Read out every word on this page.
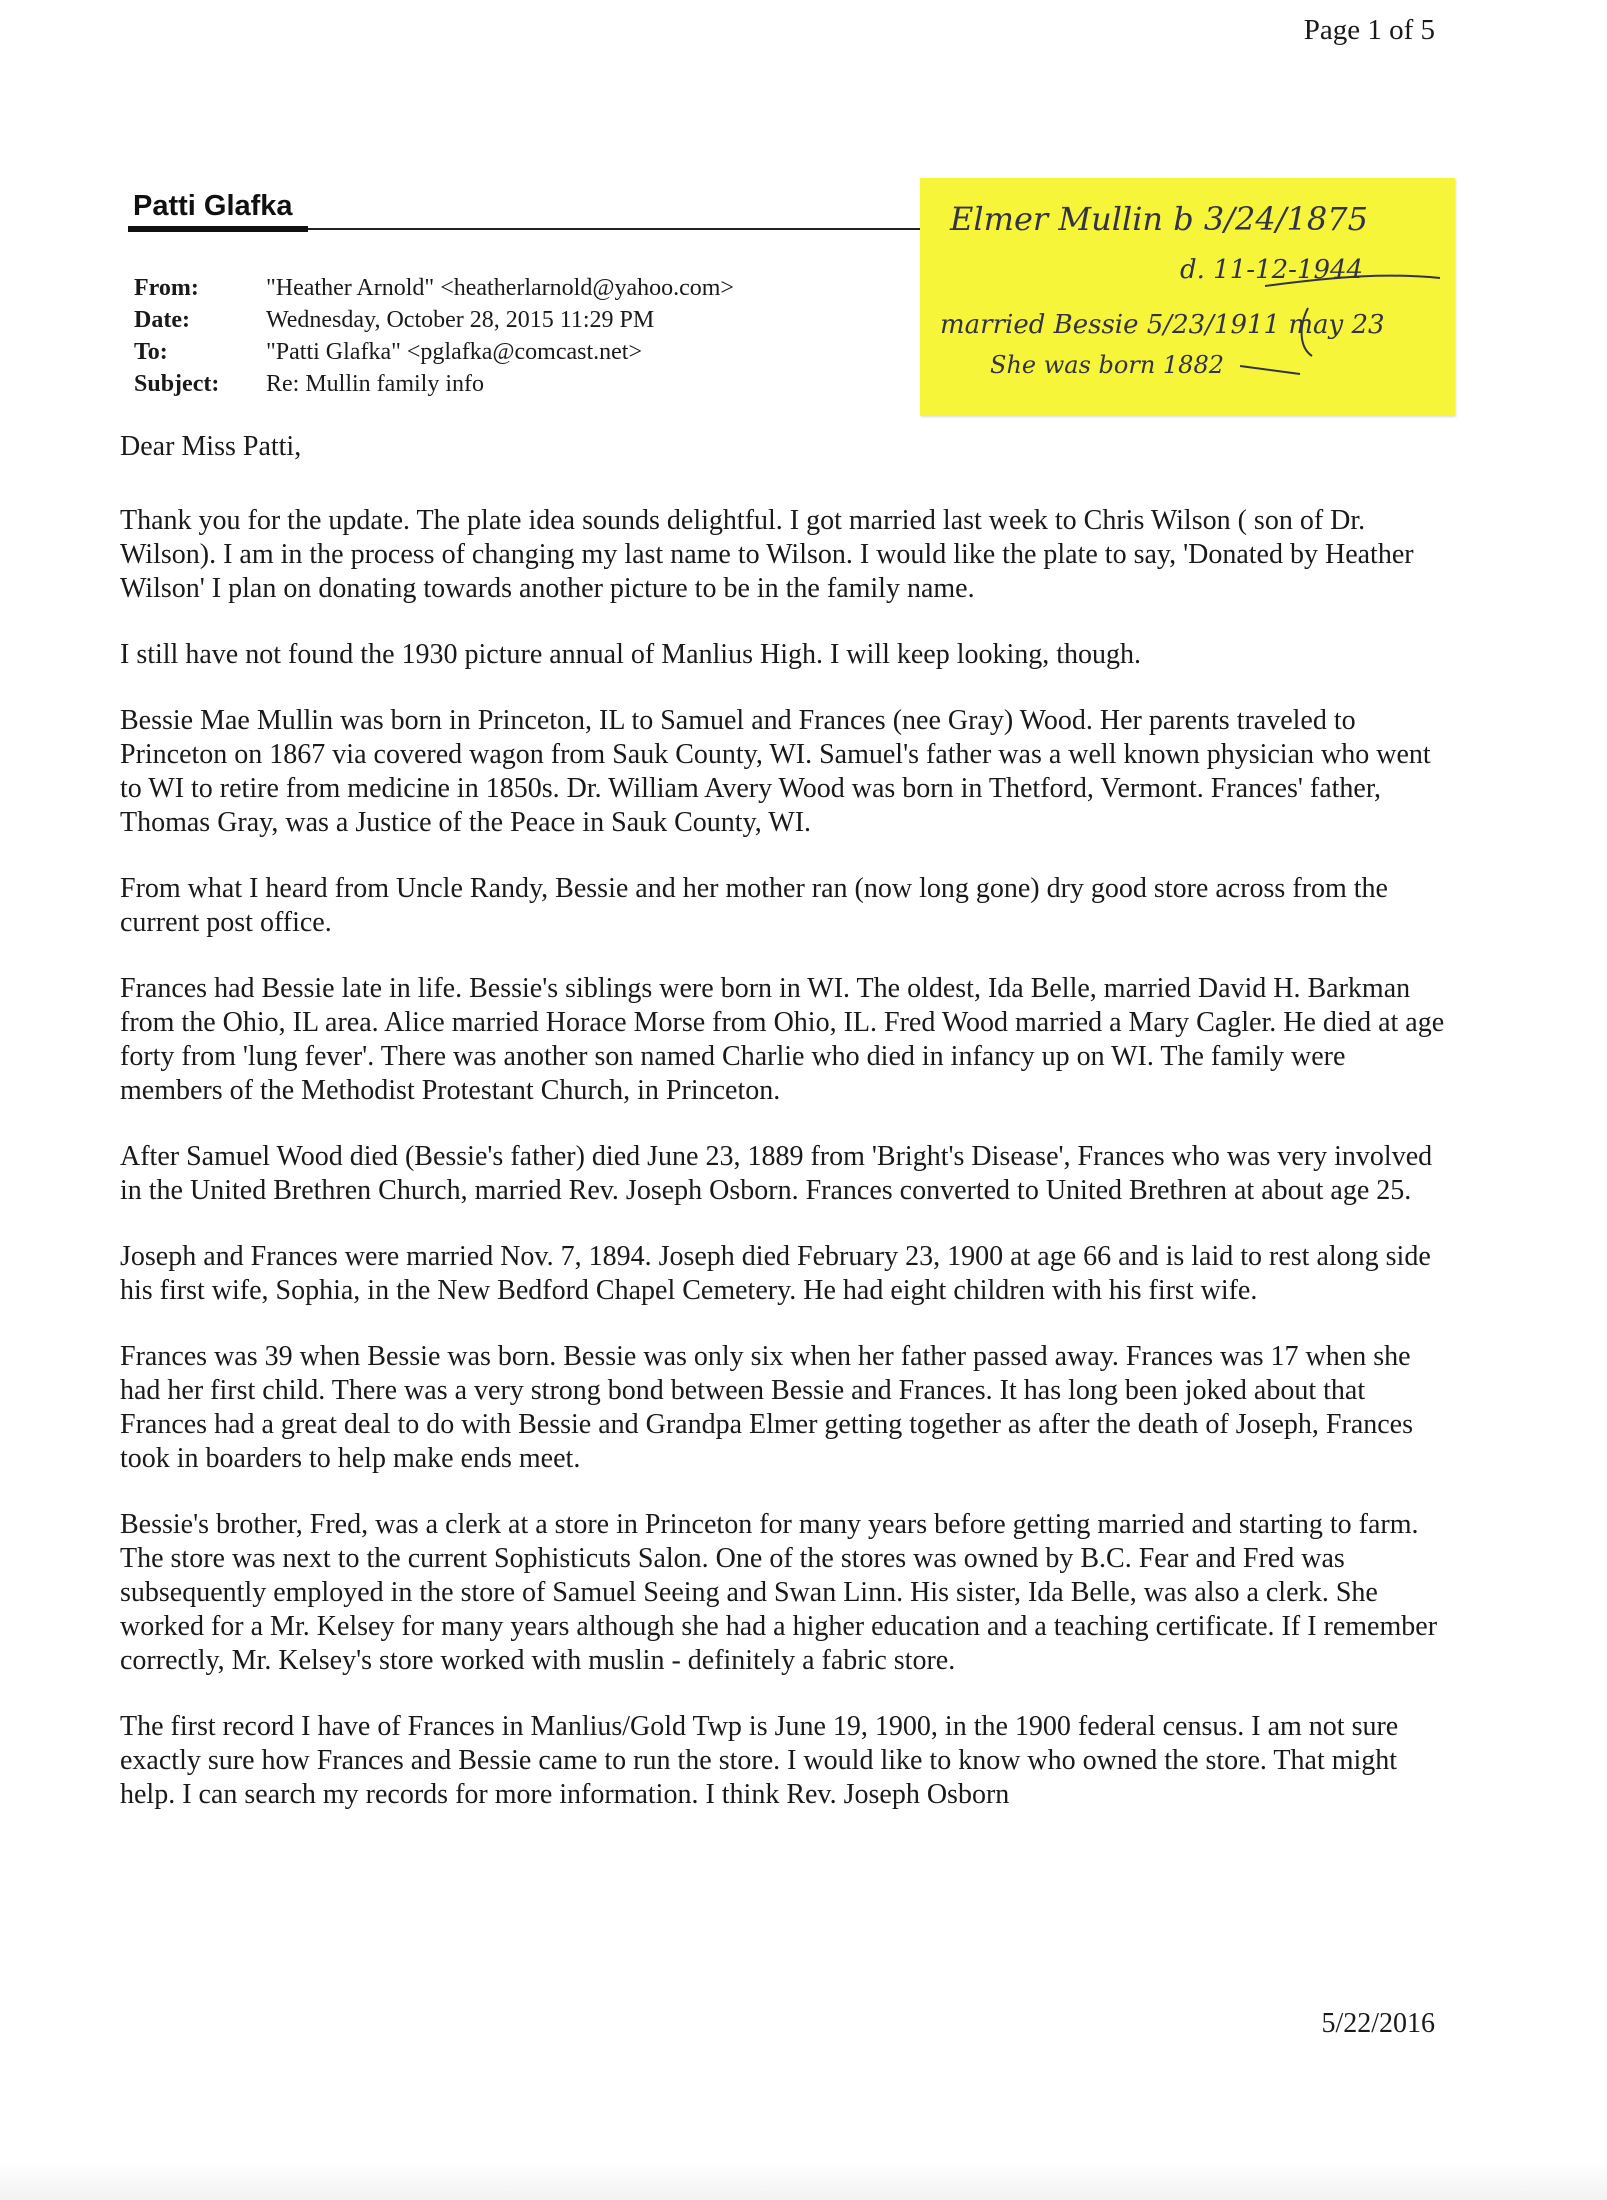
Page 1 of 5
Patti Glafka
From:	"Heather Arnold" <heatherlarnold@yahoo.com>
Date:	Wednesday, October 28, 2015 11:29 PM
To:	"Patti Glafka" <pglafka@comcast.net>
Subject:	Re: Mullin family info
Elmer Mullin b 3/24/1875
d. 11-12-1944
married Bessie 5/23/1911 may 23
She was born 1882

Dear Miss Patti,

Thank you for the update. The plate idea sounds delightful. I got married last week to Chris Wilson ( son of Dr. Wilson). I am in the process of changing my last name to Wilson. I would like the plate to say, 'Donated by Heather Wilson' I plan on donating towards another picture to be in the family name.

I still have not found the 1930 picture annual of Manlius High. I will keep looking, though.

Bessie Mae Mullin was born in Princeton, IL to Samuel and Frances (nee Gray) Wood. Her parents traveled to Princeton on 1867 via covered wagon from Sauk County, WI. Samuel's father was a well known physician who went to WI to retire from medicine in 1850s. Dr. William Avery Wood was born in Thetford, Vermont. Frances' father, Thomas Gray, was a Justice of the Peace in Sauk County, WI.

From what I heard from Uncle Randy, Bessie and her mother ran (now long gone) dry good store across from the current post office.

Frances had Bessie late in life. Bessie's siblings were born in WI. The oldest, Ida Belle, married David H. Barkman from the Ohio, IL area. Alice married Horace Morse from Ohio, IL. Fred Wood married a Mary Cagler. He died at age forty from 'lung fever'. There was another son named Charlie who died in infancy up on WI. The family were members of the Methodist Protestant Church, in Princeton.

After Samuel Wood died (Bessie's father) died June 23, 1889 from 'Bright's Disease', Frances who was very involved in the United Brethren Church, married Rev. Joseph Osborn. Frances converted to United Brethren at about age 25.

Joseph and Frances were married Nov. 7, 1894. Joseph died February 23, 1900 at age 66 and is laid to rest along side his first wife, Sophia, in the New Bedford Chapel Cemetery. He had eight children with his first wife.

Frances was 39 when Bessie was born. Bessie was only six when her father passed away. Frances was 17 when she had her first child. There was a very strong bond between Bessie and Frances. It has long been joked about that Frances had a great deal to do with Bessie and Grandpa Elmer getting together as after the death of Joseph, Frances took in boarders to help make ends meet.

Bessie's brother, Fred, was a clerk at a store in Princeton for many years before getting married and starting to farm. The store was next to the current Sophisticuts Salon. One of the stores was owned by B.C. Fear and Fred was subsequently employed in the store of Samuel Seeing and Swan Linn. His sister, Ida Belle, was also a clerk. She worked for a Mr. Kelsey for many years although she had a higher education and a teaching certificate. If I remember correctly, Mr. Kelsey's store worked with muslin - definitely a fabric store.

The first record I have of Frances in Manlius/Gold Twp is June 19, 1900, in the 1900 federal census. I am not sure exactly sure how Frances and Bessie came to run the store. I would like to know who owned the store. That might help. I can search my records for more information. I think Rev. Joseph Osborn

5/22/2016
